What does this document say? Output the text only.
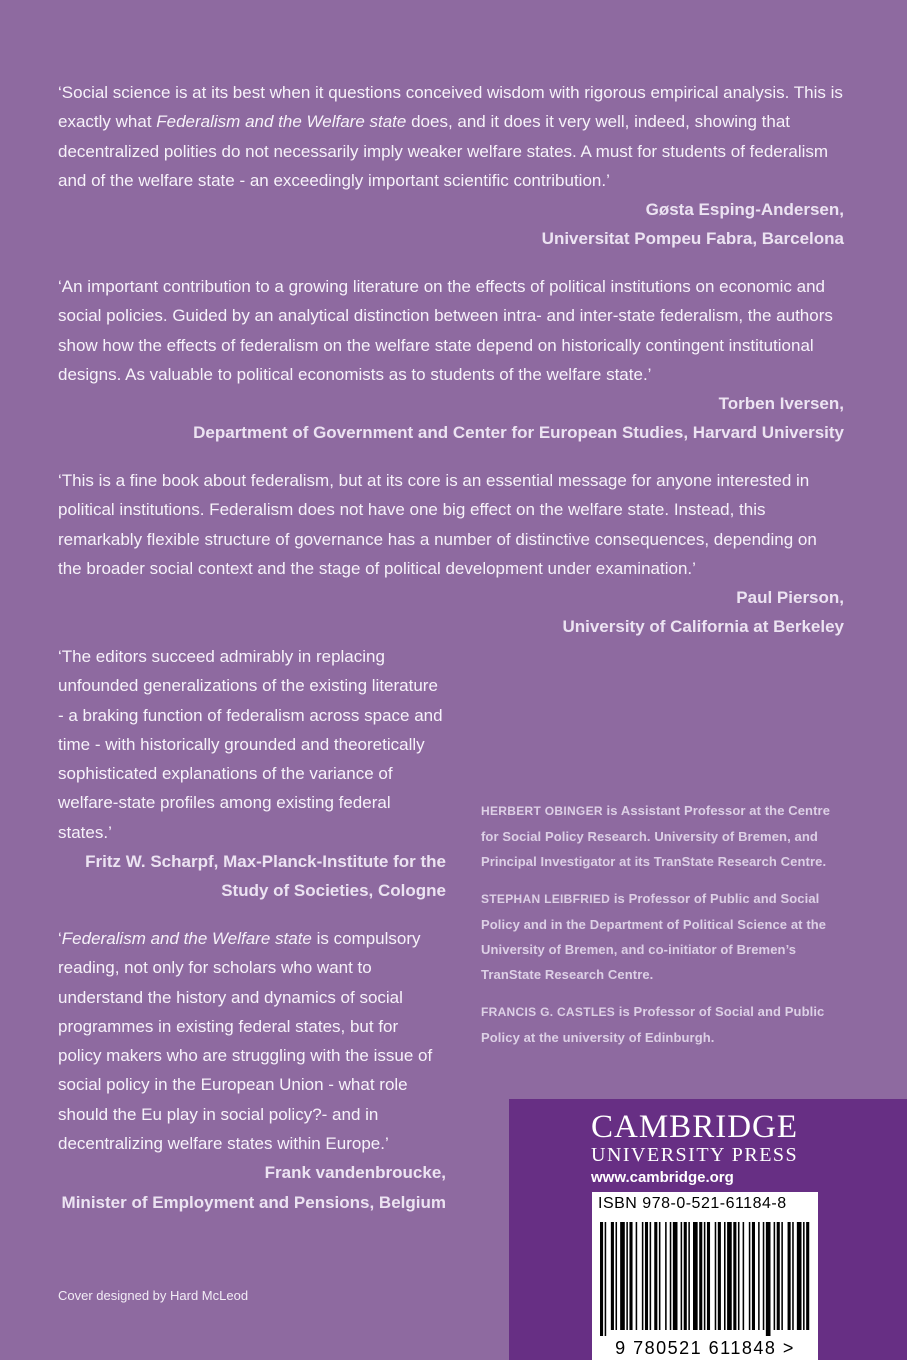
‘Social science is at its best when it questions conceived wisdom with rigorous empirical analysis. This is exactly what Federalism and the Welfare state does, and it does it very well, indeed, showing that decentralized polities do not necessarily imply weaker welfare states. A must for students of federalism and of the welfare state - an exceedingly important scientific contribution.’

Gøsta Esping-Andersen,

Universitat Pompeu Fabra, Barcelona

‘An important contribution to a growing literature on the effects of political institutions on economic and social policies. Guided by an analytical distinction between intra- and inter-state federalism, the authors show how the effects of federalism on the welfare state depend on historically contingent institutional designs. As valuable to political economists as to students of the welfare state.’

Torben Iversen,

Department of Government and Center for European Studies, Harvard University

‘This is a fine book about federalism, but at its core is an essential message for anyone interested in political institutions. Federalism does not have one big effect on the welfare state. Instead, this remarkably flexible structure of governance has a number of distinctive consequences, depending on the broader social context and the stage of political development under examination.’

Paul Pierson,

University of California at Berkeley

‘The editors succeed admirably in replacing unfounded generalizations of the existing literature - a braking function of federalism across space and time - with historically grounded and theoretically sophisticated explanations of the variance of welfare-state profiles among existing federal states.’

Fritz W. Scharpf, Max-Planck-Institute for the

Study of Societies, Cologne

‘Federalism and the Welfare state is compulsory reading, not only for scholars who want to understand the history and dynamics of social programmes in existing federal states, but for policy makers who are struggling with the issue of social policy in the European Union - what role should the Eu play in social policy?- and in decentralizing welfare states within Europe.’

Frank vandenbroucke,

Minister of Employment and Pensions, Belgium

HERBERT OBINGER is Assistant Professor at the Centre for Social Policy Research. University of Bremen, and Principal Investigator at its TranState Research Centre.

STEPHAN LEIBFRIED is Professor of Public and Social Policy and in the Department of Political Science at the University of Bremen, and co-initiator of Bremen’s TranState Research Centre.

FRANCIS G. CASTLES is Professor of Social and Public Policy at the university of Edinburgh.

Cover designed by Hard McLeod
CAMBRIDGE
UNIVERSITY PRESS
www.cambridge.org
ISBN 978-0-521-61184-8
9 780521 611848 >
